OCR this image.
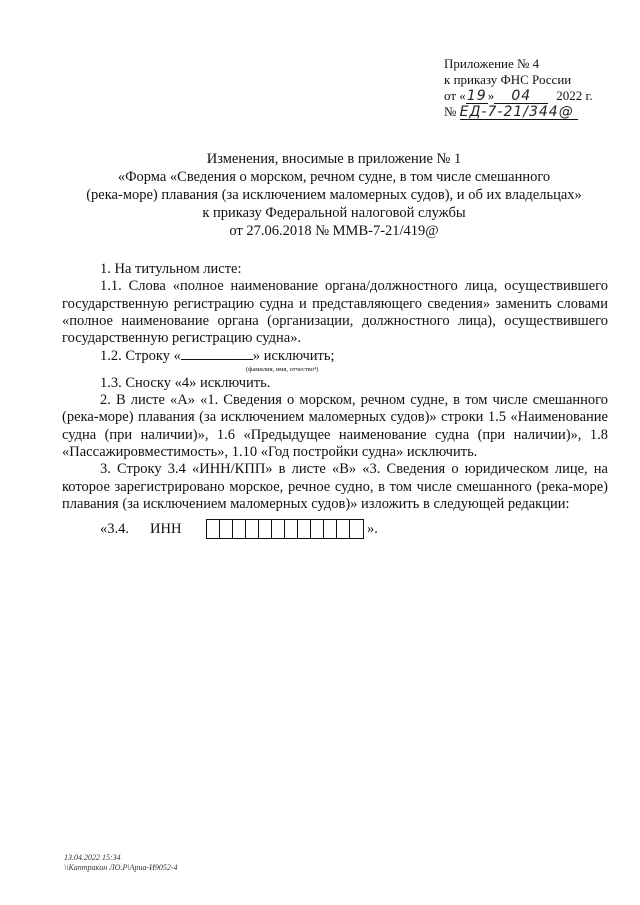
Приложение № 4
к приказу ФНС России
от «19» 04 2022 г.
№ ЕД-7-21/344@
Изменения, вносимые в приложение № 1
«Форма «Сведения о морском, речном судне, в том числе смешанного
(река-море) плавания (за исключением маломерных судов), и об их владельцах»
к приказу Федеральной налоговой службы
от 27.06.2018 № ММВ-7-21/419@

1. На титульном листе:

1.1. Слова «полное наименование органа/должностного лица, осуществившего государственную регистрацию судна и представляющего сведения» заменить словами «полное наименование органа (организации, должностного лица), осуществившего государственную регистрацию судна».

1.2. Строку «	» исключить;

(фамилия, имя, отчество⁴)

1.3. Сноску «4» исключить.

2. В листе «А» «1. Сведения о морском, речном судне, в том числе смешанного (река-море) плавания (за исключением маломерных судов)» строки 1.5 «Наименование судна (при наличии)», 1.6 «Предыдущее наименование судна (при наличии)», 1.8 «Пассажировместимость», 1.10 «Год постройки судна» исключить.

3. Строку 3.4 «ИНН/КПП» в листе «В» «3. Сведения о юридическом лице, на которое зарегистрировано морское, речное судно, в том числе смешанного (река-море) плавания (за исключением маломерных судов)» изложить в следующей редакции:

«3.4.	ИНН	».
13.04.2022 15:34
\\Каптракин ЛО.Р\Ариа-И9052-4
